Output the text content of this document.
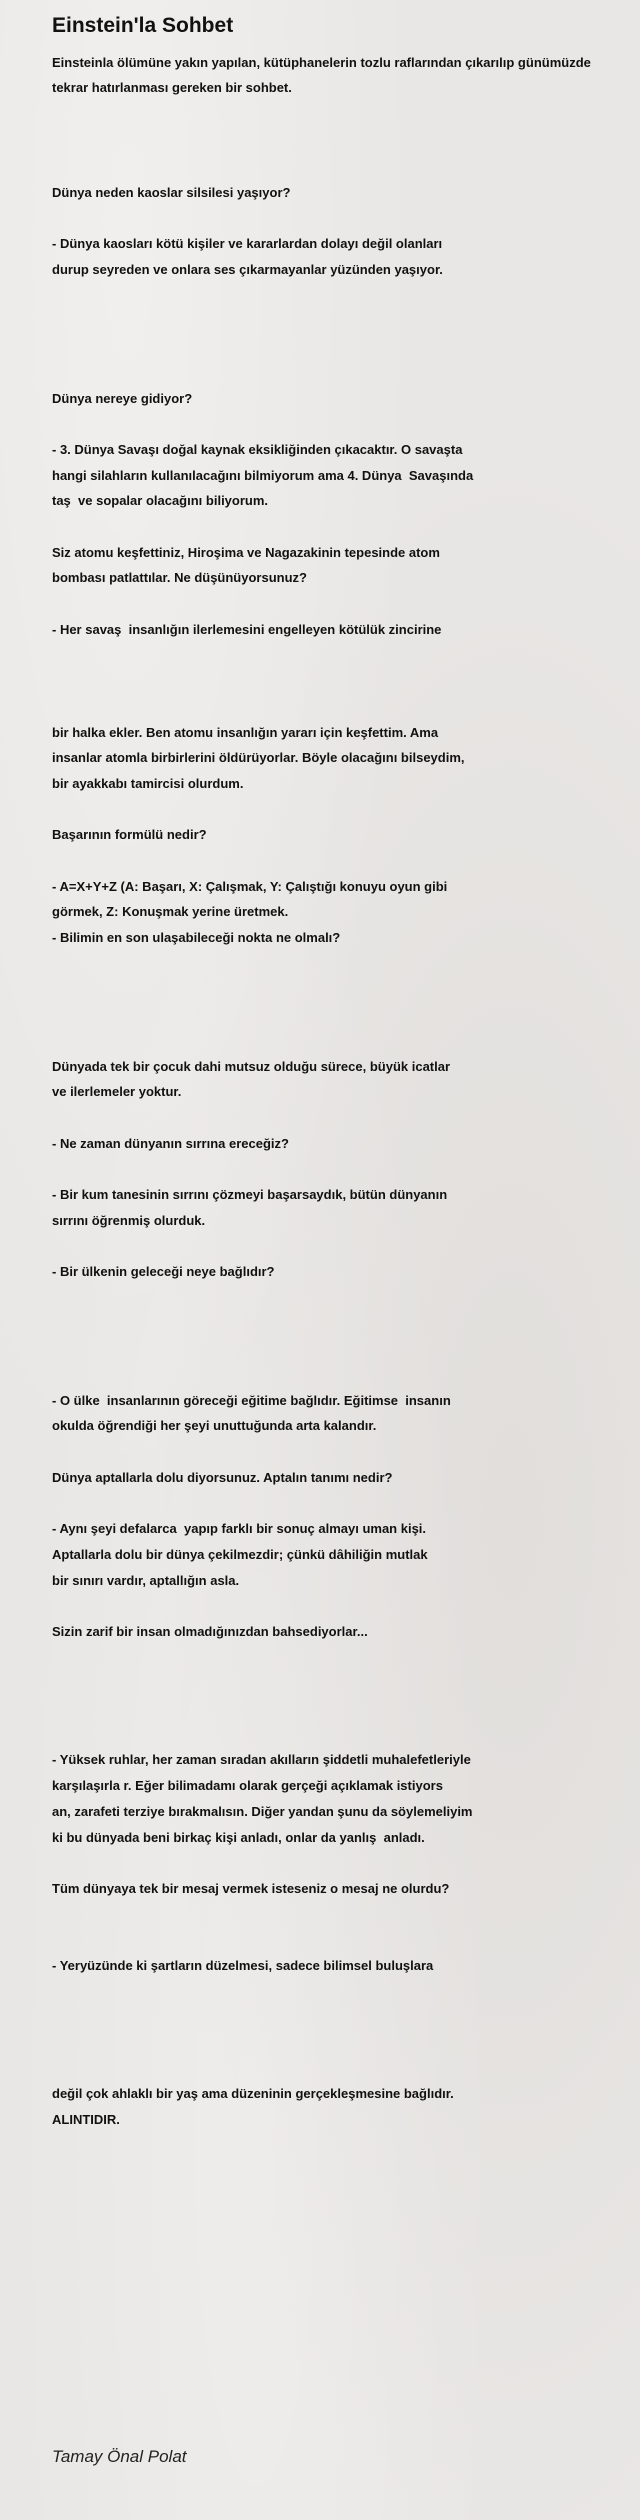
Einstein'la Sohbet

Einsteinla ölümüne yakın yapılan, kütüphanelerin tozlu raflarından çıkarılıp günümüzde tekrar hatırlanması gereken bir sohbet.

Dünya neden kaoslar silsilesi yaşıyor?
- Dünya kaosları kötü kişiler ve kararlardan dolayı değil olanları
durup seyreden ve onlara ses çıkarmayanlar yüzünden yaşıyor.
Dünya nereye gidiyor?
- 3. Dünya Savaşı doğal kaynak eksikliğinden çıkacaktır. O savaşta
hangi silahların kullanılacağını bilmiyorum ama 4. Dünya  Savaşında
taş  ve sopalar olacağını biliyorum.
Siz atomu keşfettiniz, Hiroşima ve Nagazakinin tepesinde atom
bombası patlattılar. Ne düşünüyorsunuz?
- Her savaş  insanlığın ilerlemesini engelleyen kötülük zincirine
bir halka ekler. Ben atomu insanlığın yararı için keşfettim. Ama
insanlar atomla birbirlerini öldürüyorlar. Böyle olacağını bilseydim,
bir ayakkabı tamircisi olurdum.
Başarının formülü nedir?
- A=X+Y+Z (A: Başarı, X: Çalışmak, Y: Çalıştığı konuyu oyun gibi
görmek, Z: Konuşmak yerine üretmek.
- Bilimin en son ulaşabileceği nokta ne olmalı?
Dünyada tek bir çocuk dahi mutsuz olduğu sürece, büyük icatlar
ve ilerlemeler yoktur.
- Ne zaman dünyanın sırrına ereceğiz?
- Bir kum tanesinin sırrını çözmeyi başarsaydık, bütün dünyanın
sırrını öğrenmiş olurduk.
- Bir ülkenin geleceği neye bağlıdır?
- O ülke  insanlarının göreceği eğitime bağlıdır. Eğitimse  insanın
okulda öğrendiği her şeyi unuttuğunda arta kalandır.
Dünya aptallarla dolu diyorsunuz. Aptalın tanımı nedir?
- Aynı şeyi defalarca  yapıp farklı bir sonuç almayı uman kişi.
Aptallarla dolu bir dünya çekilmezdir; çünkü dâhiliğin mutlak
bir sınırı vardır, aptallığın asla.
Sizin zarif bir insan olmadığınızdan bahsediyorlar...
- Yüksek ruhlar, her zaman sıradan akılların şiddetli muhalefetleriyle
karşılaşırla r. Eğer bilimadamı olarak gerçeği açıklamak istiyors
an, zarafeti terziye bırakmalısın. Diğer yandan şunu da söylemeliyim
ki bu dünyada beni birkaç kişi anladı, onlar da yanlış  anladı.
Tüm dünyaya tek bir mesaj vermek isteseniz o mesaj ne olurdu?
- Yeryüzünde ki şartların düzelmesi, sadece bilimsel buluşlara
değil çok ahlaklı bir yaş ama düzeninin gerçekleşmesine bağlıdır.
ALINTIDIR.
Tamay Önal Polat
